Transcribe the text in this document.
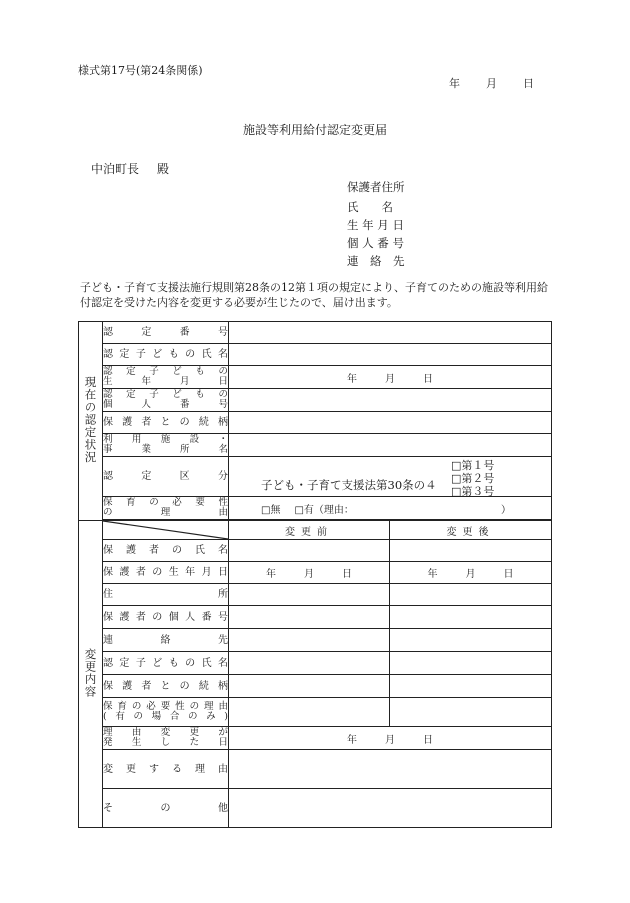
様式第17号(第24条関係)
年 月 日
施設等利用給付認定変更届
中泊町長 殿
保護者住所
氏　　名
生 年 月 日
個 人 番 号
連　絡　先
子ども・子育て支援法施行規則第28条の12第１項の規定により、子育てのための施設等利用給付認定を受けた内容を変更する必要が生じたので、届け出ます。
現在の認定状況	認定番号		

	認定子どもの氏名		

	認定子どもの
生年月日	年 月 日	

	認定子どもの
個人番号		

	保護者との続柄		

	利用施設・
事業所名		

	認定区分	子ども・子育て支援法第30条の４
□第１号
□第２号
□第３号	

	保育の必要性
の理由	□無 □有（理由： ）	

変更内容		変更前	変更後

	保護者の氏名		

	保護者の生年月日	年 月 日	年 月 日

	住所		

	保護者の個人番号		

	連絡先		

	認定子どもの氏名		

	保護者との続柄		

	保育の必要性の理由
(有の場合のみ)		

	理由変更が
発生した日	年 月 日	

	変更する理由		

	その他		
